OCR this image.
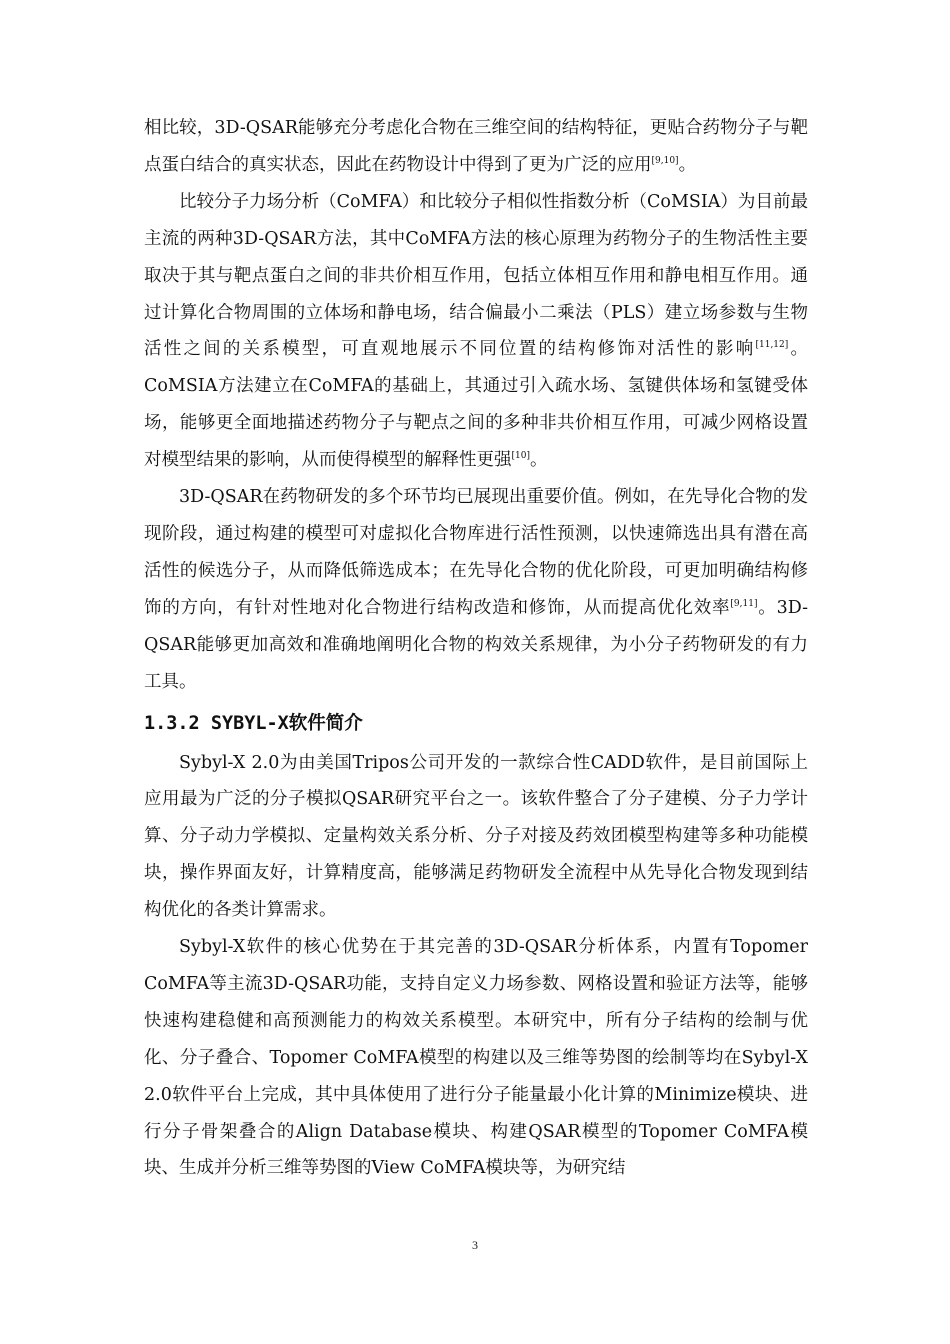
相比较，3D-QSAR能够充分考虑化合物在三维空间的结构特征，更贴合药物分子与靶点蛋白结合的真实状态，因此在药物设计中得到了更为广泛的应用[9,10]。

比较分子力场分析（CoMFA）和比较分子相似性指数分析（CoMSIA）为目前最主流的两种3D-QSAR方法，其中CoMFA方法的核心原理为药物分子的生物活性主要取决于其与靶点蛋白之间的非共价相互作用，包括立体相互作用和静电相互作用。通过计算化合物周围的立体场和静电场，结合偏最小二乘法（PLS）建立场参数与生物活性之间的关系模型，可直观地展示不同位置的结构修饰对活性的影响[11,12]。CoMSIA方法建立在CoMFA的基础上，其通过引入疏水场、氢键供体场和氢键受体场，能够更全面地描述药物分子与靶点之间的多种非共价相互作用，可减少网格设置对模型结果的影响，从而使得模型的解释性更强[10]。

3D-QSAR在药物研发的多个环节均已展现出重要价值。例如，在先导化合物的发现阶段，通过构建的模型可对虚拟化合物库进行活性预测，以快速筛选出具有潜在高活性的候选分子，从而降低筛选成本；在先导化合物的优化阶段，可更加明确结构修饰的方向，有针对性地对化合物进行结构改造和修饰，从而提高优化效率[9,11]。3D-QSAR能够更加高效和准确地阐明化合物的构效关系规律，为小分子药物研发的有力工具。

1.3.2 SYBYL-X软件简介

Sybyl-X 2.0为由美国Tripos公司开发的一款综合性CADD软件，是目前国际上应用最为广泛的分子模拟QSAR研究平台之一。该软件整合了分子建模、分子力学计算、分子动力学模拟、定量构效关系分析、分子对接及药效团模型构建等多种功能模块，操作界面友好，计算精度高，能够满足药物研发全流程中从先导化合物发现到结构优化的各类计算需求。

Sybyl-X软件的核心优势在于其完善的3D-QSAR分析体系，内置有Topomer CoMFA等主流3D-QSAR功能，支持自定义力场参数、网格设置和验证方法等，能够快速构建稳健和高预测能力的构效关系模型。本研究中，所有分子结构的绘制与优化、分子叠合、Topomer CoMFA模型的构建以及三维等势图的绘制等均在Sybyl-X 2.0软件平台上完成，其中具体使用了进行分子能量最小化计算的Minimize模块、进行分子骨架叠合的Align Database模块、构建QSAR模型的Topomer CoMFA模块、生成并分析三维等势图的View CoMFA模块等，为研究结

3
